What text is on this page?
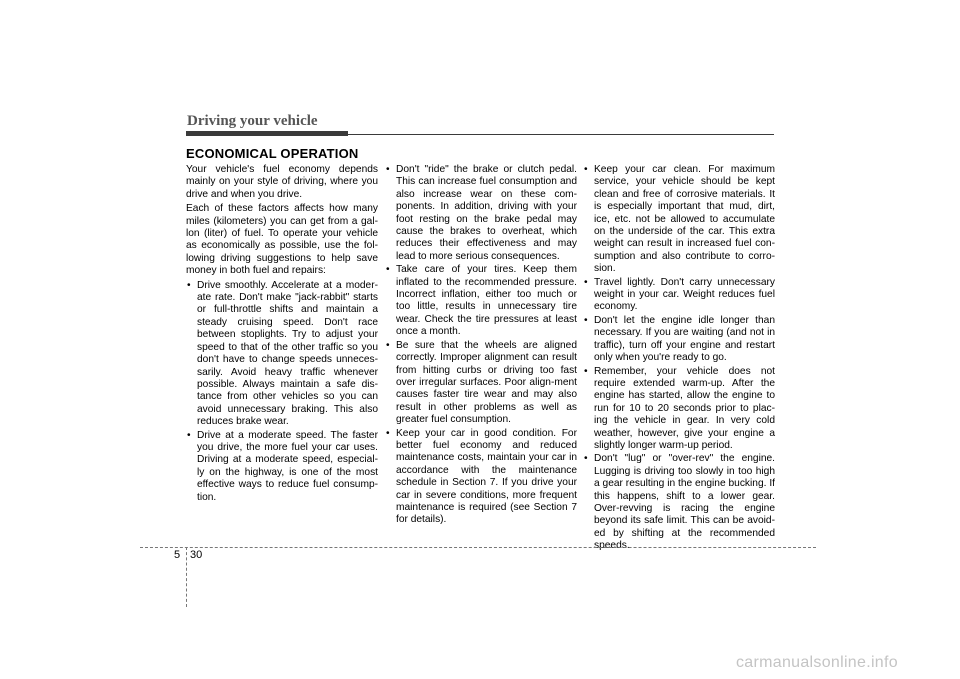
Driving your vehicle
ECONOMICAL OPERATION

Your vehicle's fuel economy depends mainly on your style of driving, where you drive and when you drive.

Each of these factors affects how many miles (kilometers) you can get from a gal-lon (liter) of fuel. To operate your vehicle as economically as possible, use the fol-lowing driving suggestions to help save money in both fuel and repairs:

• Drive smoothly. Accelerate at a moder-ate rate. Don't make "jack-rabbit" starts or full-throttle shifts and maintain a steady cruising speed. Don't race between stoplights. Try to adjust your speed to that of the other traffic so you don't have to change speeds unneces-sarily. Avoid heavy traffic whenever possible. Always maintain a safe dis-tance from other vehicles so you can avoid unnecessary braking. This also reduces brake wear.
• Drive at a moderate speed. The faster you drive, the more fuel your car uses. Driving at a moderate speed, especial-ly on the highway, is one of the most effective ways to reduce fuel consump-tion.
• Don't "ride" the brake or clutch pedal. This can increase fuel consumption and also increase wear on these com-ponents. In addition, driving with your foot resting on the brake pedal may cause the brakes to overheat, which reduces their effectiveness and may lead to more serious consequences.
• Take care of your tires. Keep them inflated to the recommended pressure. Incorrect inflation, either too much or too little, results in unnecessary tire wear. Check the tire pressures at least once a month.
• Be sure that the wheels are aligned correctly. Improper alignment can result from hitting curbs or driving too fast over irregular surfaces. Poor align-ment causes faster tire wear and may also result in other problems as well as greater fuel consumption.
• Keep your car in good condition. For better fuel economy and reduced maintenance costs, maintain your car in accordance with the maintenance schedule in Section 7. If you drive your car in severe conditions, more frequent maintenance is required (see Section 7 for details).
• Keep your car clean. For maximum service, your vehicle should be kept clean and free of corrosive materials. It is especially important that mud, dirt, ice, etc. not be allowed to accumulate on the underside of the car. This extra weight can result in increased fuel con-sumption and also contribute to corro-sion.
• Travel lightly. Don't carry unnecessary weight in your car. Weight reduces fuel economy.
• Don't let the engine idle longer than necessary. If you are waiting (and not in traffic), turn off your engine and restart only when you're ready to go.
• Remember, your vehicle does not require extended warm-up. After the engine has started, allow the engine to run for 10 to 20 seconds prior to plac-ing the vehicle in gear. In very cold weather, however, give your engine a slightly longer warm-up period.
• Don't "lug" or "over-rev" the engine. Lugging is driving too slowly in too high a gear resulting in the engine bucking. If this happens, shift to a lower gear. Over-revving is racing the engine beyond its safe limit. This can be avoid-ed by shifting at the recommended speeds.
5 30
carmanualsonline.info
